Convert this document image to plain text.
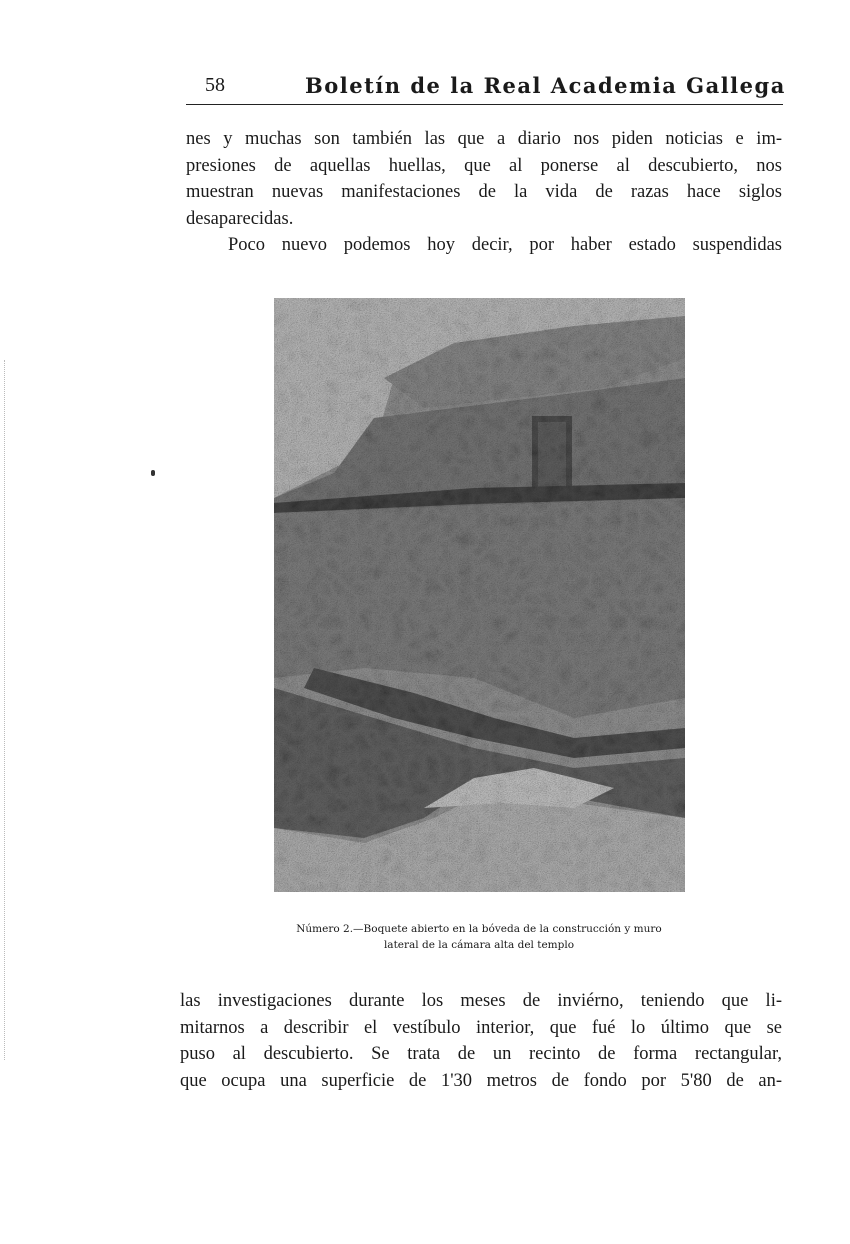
58	Boletín de la Real Academia Gallega
nes y muchas son también las que a diario nos piden noticias e im-
presiones de aquellas huellas, que al ponerse al descubierto, nos
muestran nuevas manifestaciones de la vida de razas hace siglos
desaparecidas.
Poco nuevo podemos hoy decir, por haber estado suspendidas
Número 2.—Boquete abierto en la bóveda de la construcción y muro
lateral de la cámara alta del templo
las investigaciones durante los meses de inviérno, teniendo que li-
mitarnos a describir el vestíbulo interior, que fué lo último que se
puso al descubierto. Se trata de un recinto de forma rectangular,
que ocupa una superficie de 1'30 metros de fondo por 5'80 de an-
